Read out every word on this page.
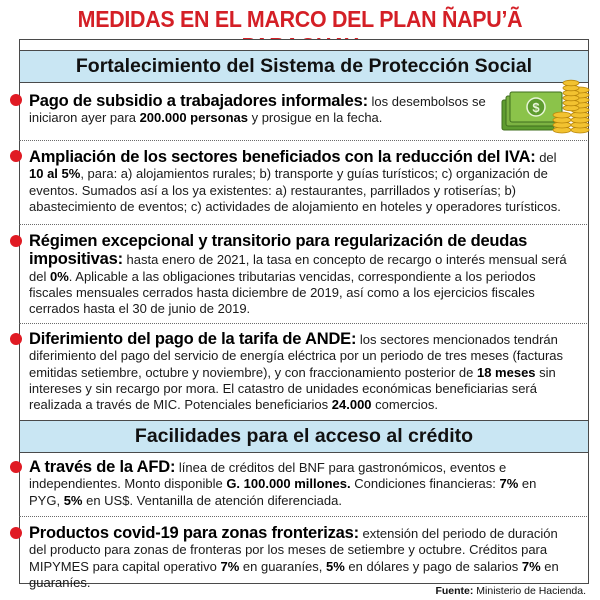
MEDIDAS EN EL MARCO DEL PLAN ÑAPU’Ã
Fortalecimiento del Sistema de Protección Social
Facilidades para el acceso al crédito
$
Pago de subsidio a trabajadores informales: los desembolsos se iniciaron ayer para 200.000 personas y prosigue en la fecha.
Ampliación de los sectores beneficiados con la reducción del IVA: del 10 al 5%, para: a) alojamientos rurales; b) transporte y guías turísticos; c) organización de eventos. Sumados así a los ya existentes: a) restaurantes, parrillados y rotiserías; b) abastecimiento de eventos; c) actividades de alojamiento en hoteles y operadores turísticos.
Régimen excepcional y transitorio para regularización de deudas impositivas: hasta enero de 2021, la tasa en concepto de recargo o interés mensual será del 0%. Aplicable a las obligaciones tributarias vencidas, correspondiente a los periodos fiscales mensuales cerrados hasta diciembre de 2019, así como a los ejercicios fiscales cerrados hasta el 30 de junio de 2019.
Diferimiento del pago de la tarifa de ANDE: los sectores mencionados tendrán diferimiento del pago del servicio de energía eléctrica por un periodo de tres meses (facturas emitidas setiembre, octubre y noviembre), y con fraccionamiento posterior de 18 meses sin intereses y sin recargo por mora. El catastro de unidades económicas beneficiarias será realizada a través de MIC. Potenciales beneficiarios 24.000 comercios.
A través de la AFD: línea de créditos del BNF para gastronómicos, eventos e independientes. Monto disponible G. 100.000 millones. Condiciones financieras: 7% en PYG, 5% en US$. Ventanilla de atención diferenciada.
Productos covid-19 para zonas fronterizas: extensión del periodo de duración del producto para zonas de fronteras por los meses de setiembre y octubre. Créditos para MIPYMES para capital operativo 7% en guaraníes, 5% en dólares y pago de salarios 7% en guaraníes.
Fuente: Ministerio de Hacienda.
